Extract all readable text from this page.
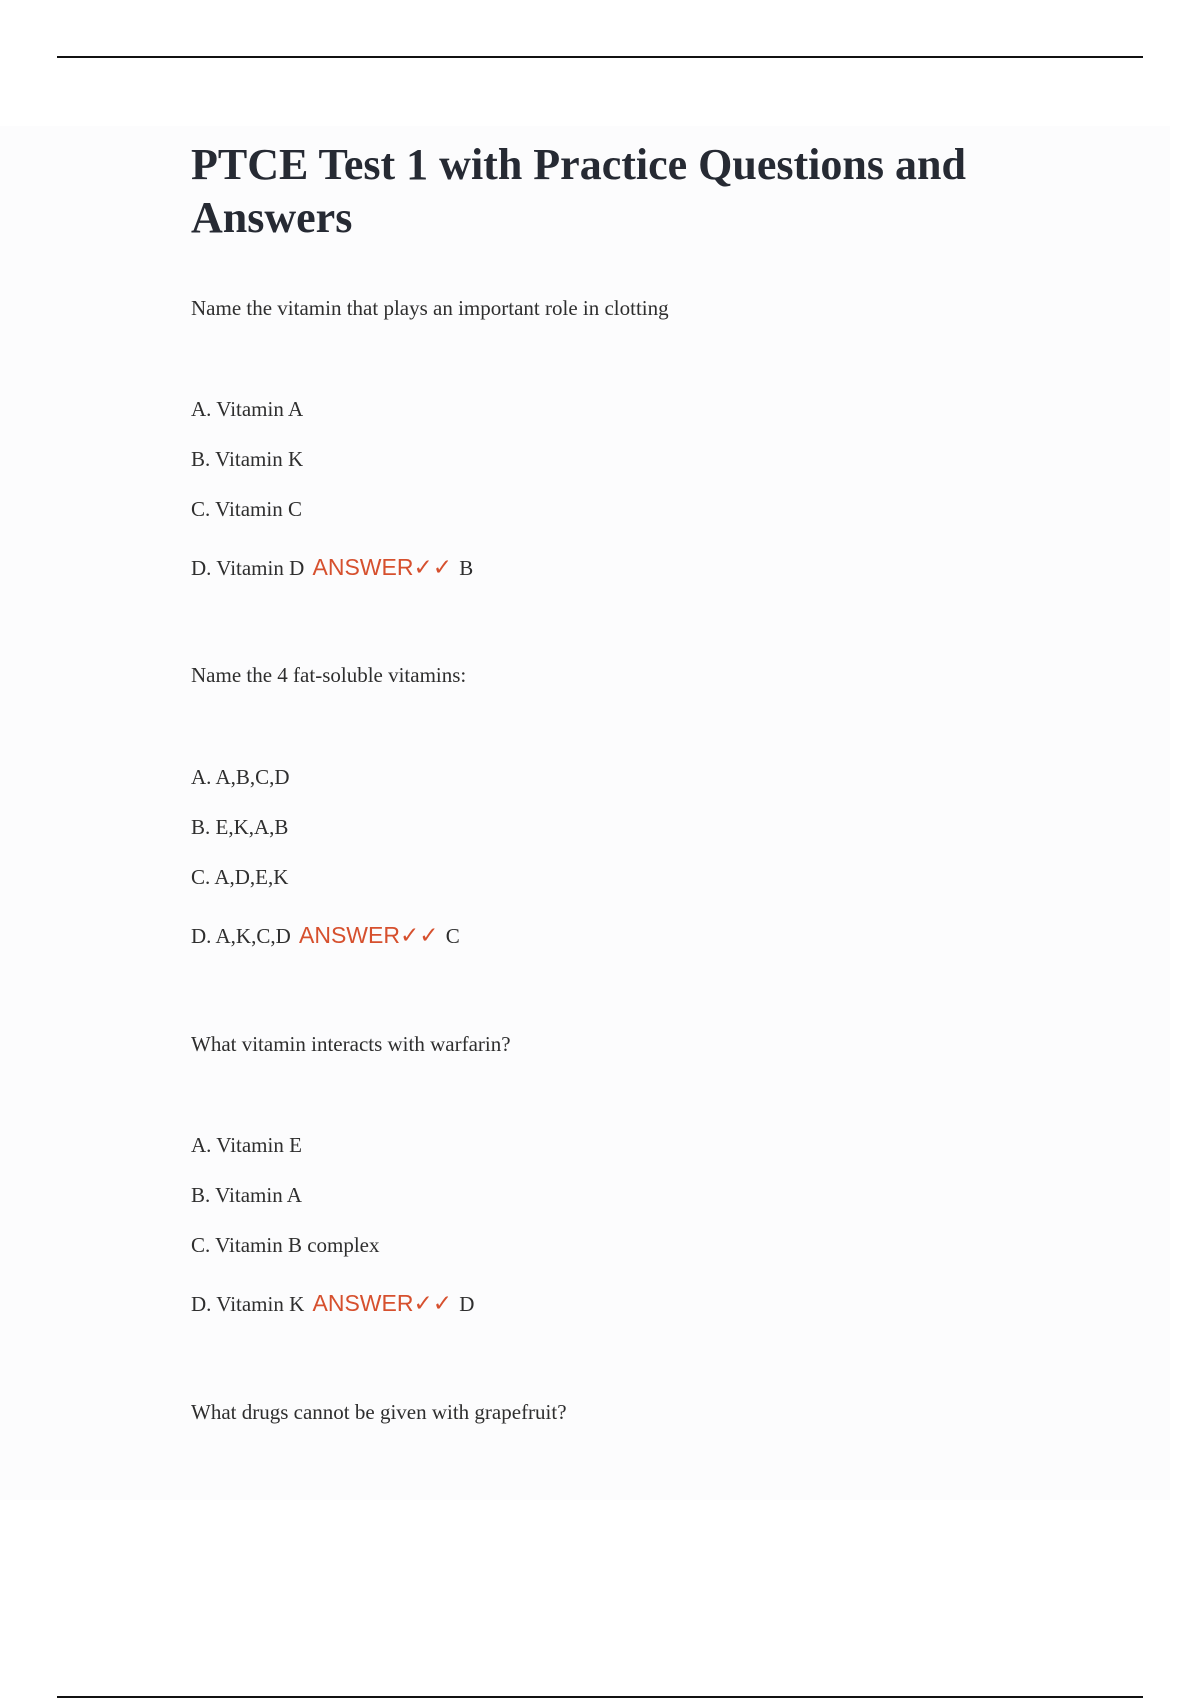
PTCE Test 1 with Practice Questions and Answers

Name the vitamin that plays an important role in clotting

A. Vitamin A

B. Vitamin K

C. Vitamin C

D. Vitamin D ANSWER✓✓ B

Name the 4 fat-soluble vitamins:

A. A,B,C,D

B. E,K,A,B

C. A,D,E,K

D. A,K,C,D ANSWER✓✓ C

What vitamin interacts with warfarin?

A. Vitamin E

B. Vitamin A

C. Vitamin B complex

D. Vitamin K ANSWER✓✓ D

What drugs cannot be given with grapefruit?
